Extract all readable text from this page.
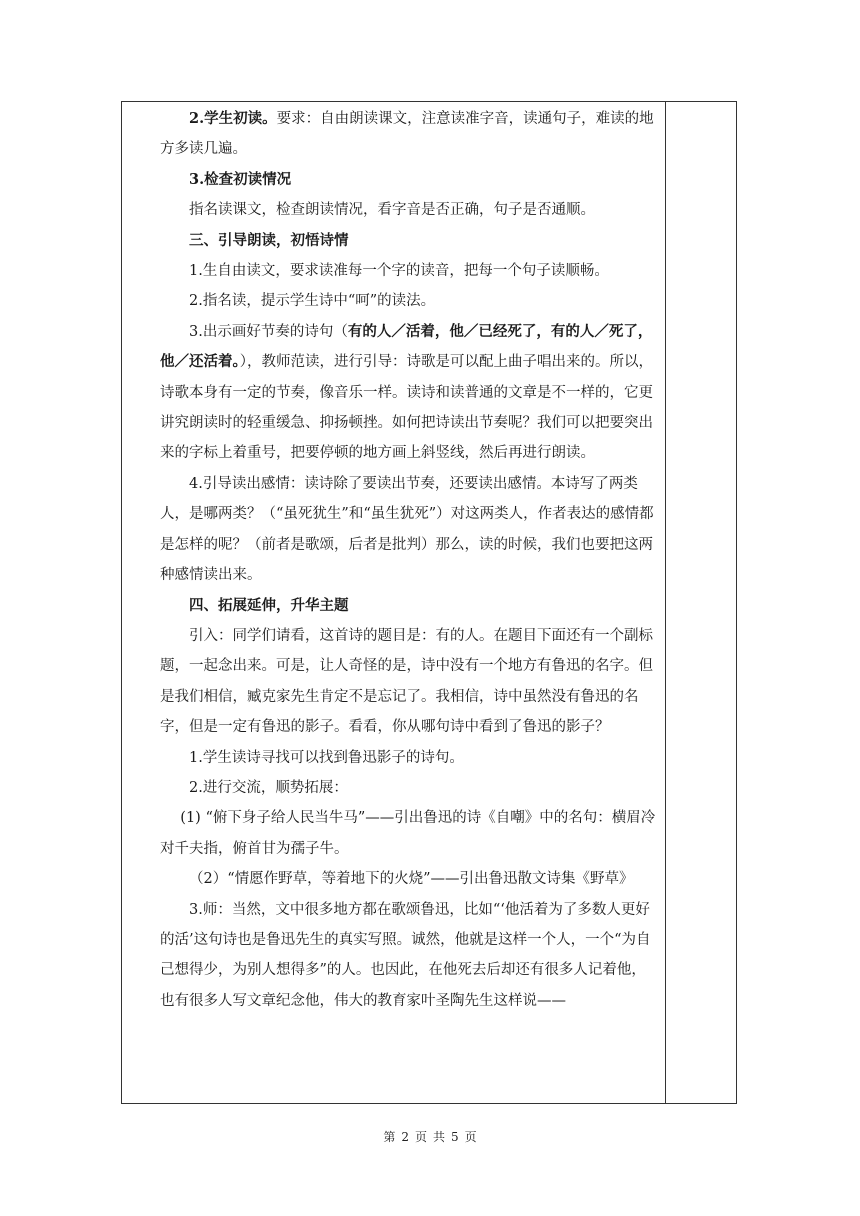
2.学生初读。要求：自由朗读课文，注意读准字音，读通句子，难读的地方多读几遍。

3.检查初读情况

指名读课文，检查朗读情况，看字音是否正确，句子是否通顺。

三、引导朗读，初悟诗情

1.生自由读文，要求读准每一个字的读音，把每一个句子读顺畅。

2.指名读，提示学生诗中“呵”的读法。

3.出示画好节奏的诗句（有的人／活着，他／已经死了，有的人／死了，他／还活着。），教师范读，进行引导：诗歌是可以配上曲子唱出来的。所以，诗歌本身有一定的节奏，像音乐一样。读诗和读普通的文章是不一样的，它更讲究朗读时的轻重缓急、抑扬顿挫。如何把诗读出节奏呢？我们可以把要突出来的字标上着重号，把要停顿的地方画上斜竖线，然后再进行朗读。

4.引导读出感情：读诗除了要读出节奏，还要读出感情。本诗写了两类人，是哪两类？（“虽死犹生”和“虽生犹死”）对这两类人，作者表达的感情都是怎样的呢？（前者是歌颂，后者是批判）那么，读的时候，我们也要把这两种感情读出来。

四、拓展延伸，升华主题

引入：同学们请看，这首诗的题目是：有的人。在题目下面还有一个副标题，一起念出来。可是，让人奇怪的是，诗中没有一个地方有鲁迅的名字。但是我们相信，臧克家先生肯定不是忘记了。我相信，诗中虽然没有鲁迅的名字，但是一定有鲁迅的影子。看看，你从哪句诗中看到了鲁迅的影子？

1.学生读诗寻找可以找到鲁迅影子的诗句。

2.进行交流，顺势拓展：

(1) “俯下身子给人民当牛马”——引出鲁迅的诗《自嘲》中的名句：横眉冷对千夫指，俯首甘为孺子牛。

（2）“情愿作野草，等着地下的火烧”——引出鲁迅散文诗集《野草》

3.师：当然，文中很多地方都在歌颂鲁迅，比如“‘他活着为了多数人更好的活’这句诗也是鲁迅先生的真实写照。诚然，他就是这样一个人，一个“为自己想得少，为别人想得多”的人。也因此，在他死去后却还有很多人记着他，也有很多人写文章纪念他，伟大的教育家叶圣陶先生这样说——

第 2 页 共 5 页
